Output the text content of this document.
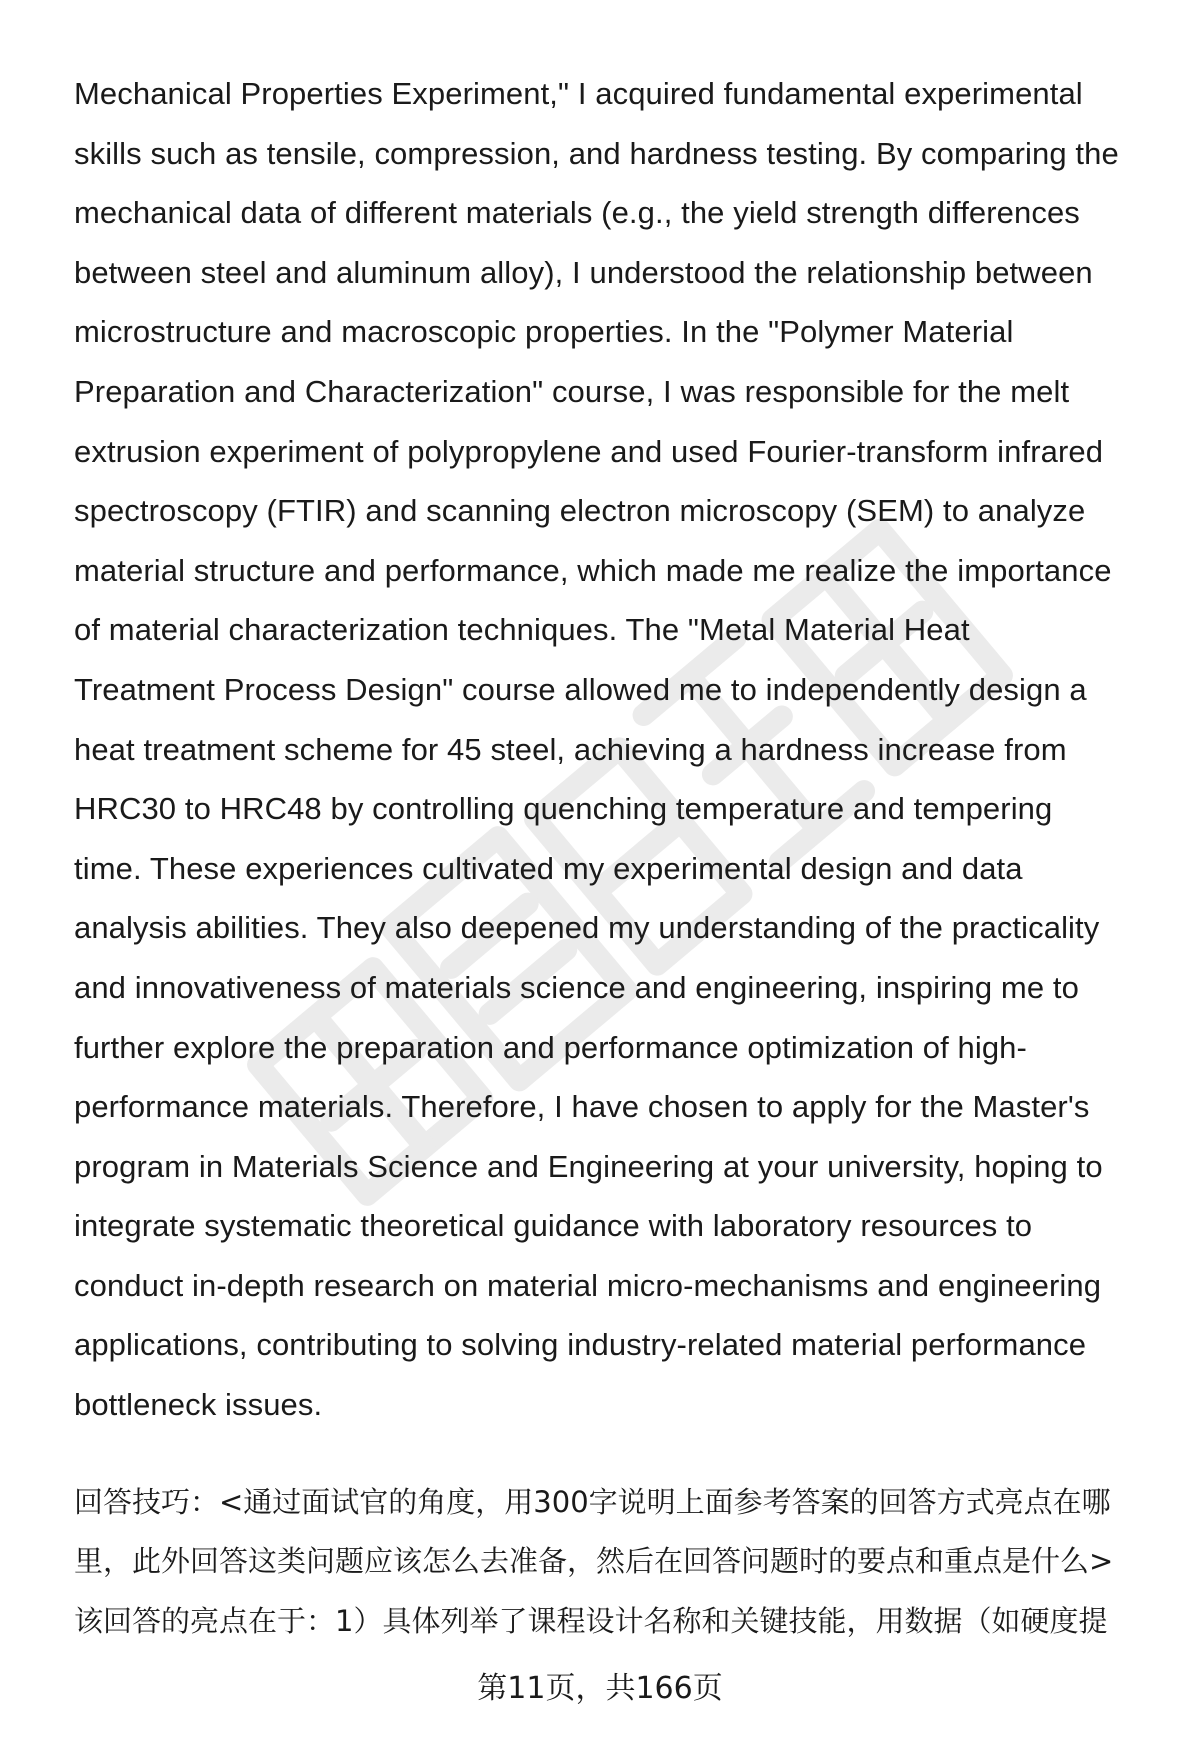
Mechanical Properties Experiment," I acquired fundamental experimental
skills such as tensile, compression, and hardness testing. By comparing the
mechanical data of different materials (e.g., the yield strength differences
between steel and aluminum alloy), I understood the relationship between
microstructure and macroscopic properties. In the "Polymer Material
Preparation and Characterization" course, I was responsible for the melt
extrusion experiment of polypropylene and used Fourier-transform infrared
spectroscopy (FTIR) and scanning electron microscopy (SEM) to analyze
material structure and performance, which made me realize the importance
of material characterization techniques. The "Metal Material Heat
Treatment Process Design" course allowed me to independently design a
heat treatment scheme for 45 steel, achieving a hardness increase from
HRC30 to HRC48 by controlling quenching temperature and tempering
time. These experiences cultivated my experimental design and data
analysis abilities. They also deepened my understanding of the practicality
and innovativeness of materials science and engineering, inspiring me to
further explore the preparation and performance optimization of high-
performance materials. Therefore, I have chosen to apply for the Master's
program in Materials Science and Engineering at your university, hoping to
integrate systematic theoretical guidance with laboratory resources to
conduct in-depth research on material micro-mechanisms and engineering
applications, contributing to solving industry-related material performance
bottleneck issues.
回答技巧：<通过面试官的角度，用300字说明上面参考答案的回答方式亮点在哪
里，此外回答这类问题应该怎么去准备，然后在回答问题时的要点和重点是什么>
该回答的亮点在于：1）具体列举了课程设计名称和关键技能，用数据（如硬度提
第11页，共166页
